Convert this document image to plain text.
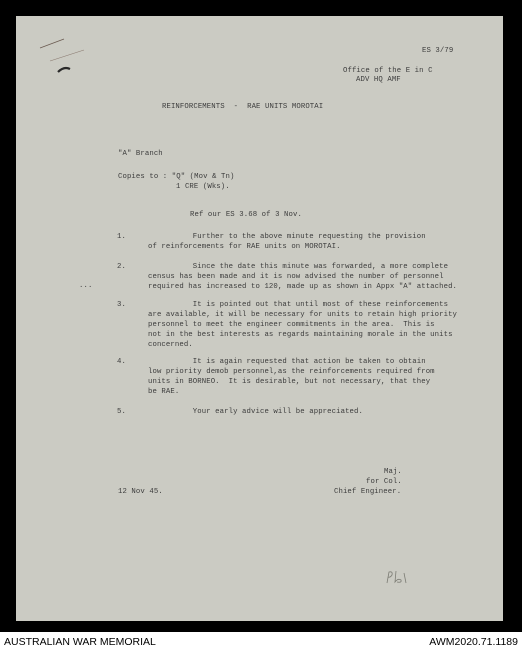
ES 3/79
Office of the E in C
ADV HQ AMF
REINFORCEMENTS  -  RAE UNITS MOROTAI
"A" Branch
Copies to : "Q" (Mov & Tn)
1 CRE (Wks).
Ref our ES 3.68 of 3 Nov.
1.	Further to the above minute requesting the provision
of reinforcements for RAE units on MOROTAI.
2.	Since the date this minute was forwarded, a more complete
census has been made and it is now advised the number of personnel
required has increased to 120, made up as shown in Appx "A" attached.
...
3.	It is pointed out that until most of these reinforcements
are available, it will be necessary for units to retain high priority
personnel to meet the engineer commitments in the area.  This is
not in the best interests as regards maintaining morale in the units
concerned.
4.	It is again requested that action be taken to obtain
low priority demob personnel,as the reinforcements required from
units in BORNEO.  It is desirable, but not necessary, that they
be RAE.
5.	Your early advice will be appreciated.
Maj.
for Col.
12 Nov 45.	Chief Engineer.
AUSTRALIAN WAR MEMORIAL	AWM2020.71.1189
